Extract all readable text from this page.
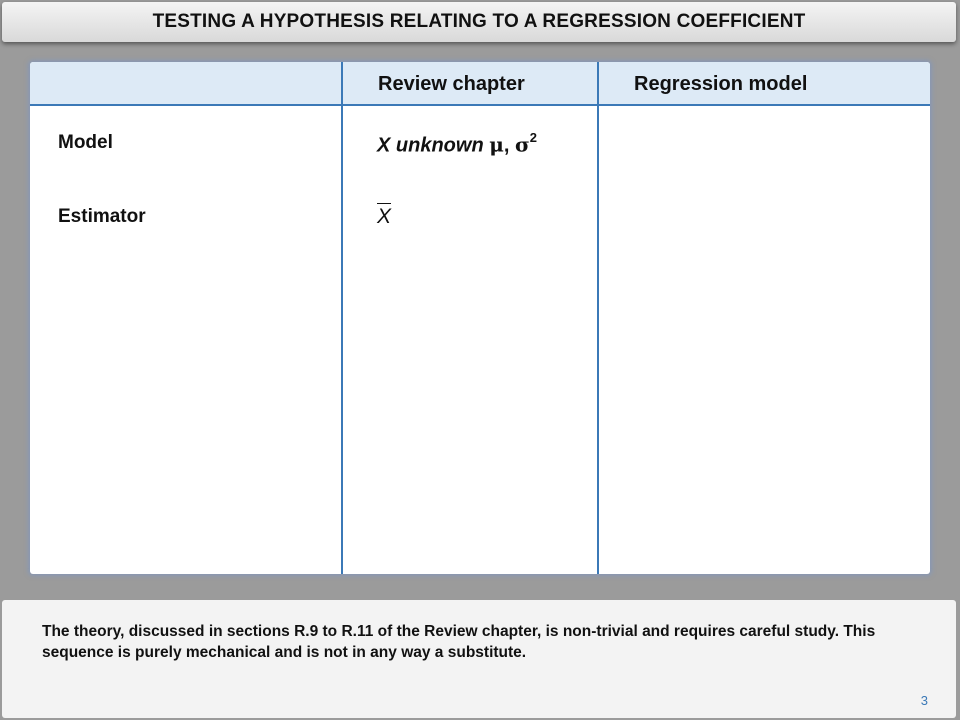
TESTING A HYPOTHESIS RELATING TO A REGRESSION COEFFICIENT
Review chapter	Regression model
Model
Estimator
X unknown μ, $\sigma^2$
X
The theory, discussed in sections R.9 to R.11 of the Review chapter, is non-trivial and requires careful study. This sequence is purely mechanical and is not in any way a substitute.
3
